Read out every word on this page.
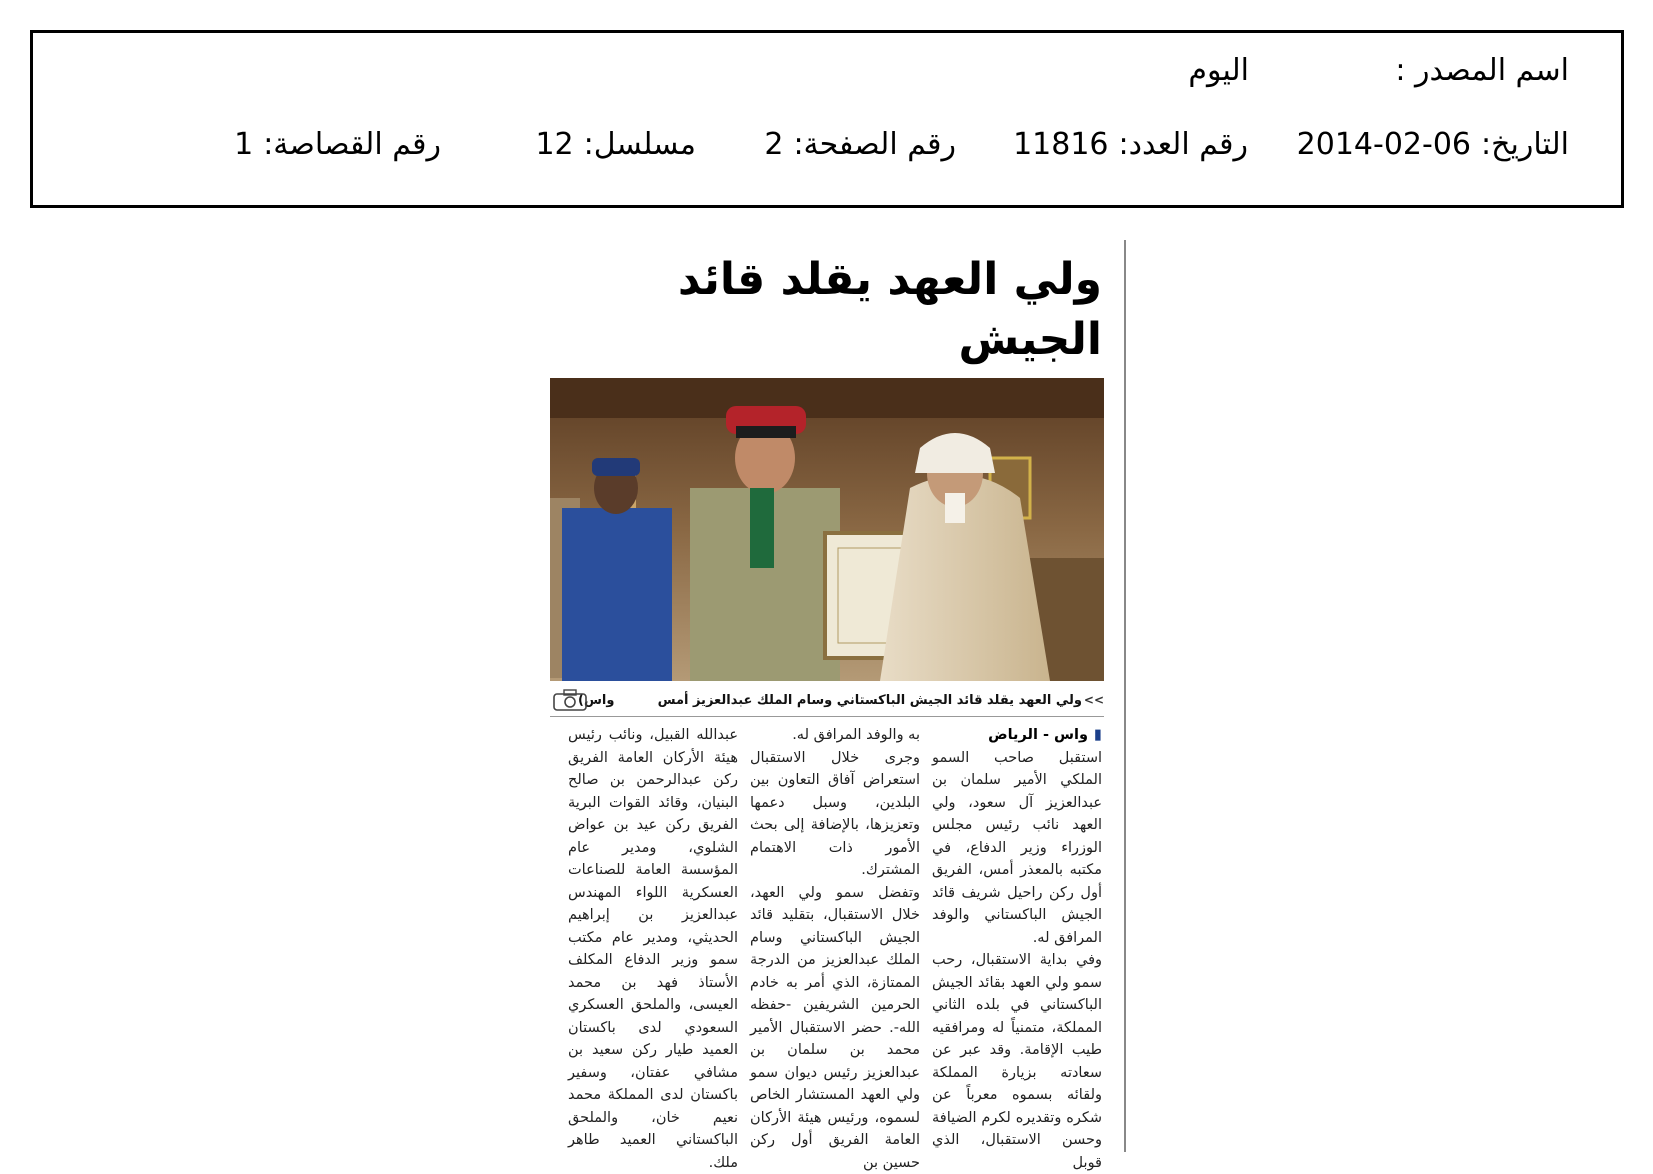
اسم المصدر :
اليوم
التاريخ:2014-02-06
رقم العدد:11816
رقم الصفحة:2
مسلسل:12
رقم القصاصة:1
ولي العهد يقلد قائد الجيش
>>
ولي العهد يقلد قائد الجيش الباكستاني وسام الملك عبدالعزيز أمس
واس)

▮واس - الرياض

استقبل صاحب السمو الملكي الأمير سلمان بن عبدالعزيز آل سعود، ولي العهد نائب رئيس مجلس الوزراء وزير الدفاع، في مكتبه بالمعذر أمس، الفريق أول ركن راحيل شريف قائد الجيش الباكستاني والوفد المرافق له.

وفي بداية الاستقبال، رحب سمو ولي العهد بقائد الجيش الباكستاني في بلده الثاني المملكة، متمنياً له ومرافقيه طيب الإقامة. وقد عبر عن سعادته بزيارة المملكة ولقائه بسموه معرباً عن شكره وتقديره لكرم الضيافة وحسن الاستقبال، الذي قوبل

به والوفد المرافق له.

وجرى خلال الاستقبال استعراض آفاق التعاون بين البلدين، وسبل دعمها وتعزيزها، بالإضافة إلى بحث الأمور ذات الاهتمام المشترك.

وتفضل سمو ولي العهد، خلال الاستقبال، بتقليد قائد الجيش الباكستاني وسام الملك عبدالعزيز من الدرجة الممتازة، الذي أمر به خادم الحرمين الشريفين -حفظه الله-. حضر الاستقبال الأمير محمد بن سلمان بن عبدالعزيز رئيس ديوان سمو ولي العهد المستشار الخاص لسموه، ورئيس هيئة الأركان العامة الفريق أول ركن حسين بن

عبدالله القبيل، ونائب رئيس هيئة الأركان العامة الفريق ركن عبدالرحمن بن صالح البنيان، وقائد القوات البرية الفريق ركن عيد بن عواض الشلوي، ومدير عام المؤسسة العامة للصناعات العسكرية اللواء المهندس عبدالعزيز بن إبراهيم الحديثي، ومدير عام مكتب سمو وزير الدفاع المكلف الأستاذ فهد بن محمد العيسى، والملحق العسكري السعودي لدى باكستان العميد طيار ركن سعيد بن مشافي عفتان، وسفير باكستان لدى المملكة محمد نعيم خان، والملحق الباكستاني العميد طاهر ملك.
